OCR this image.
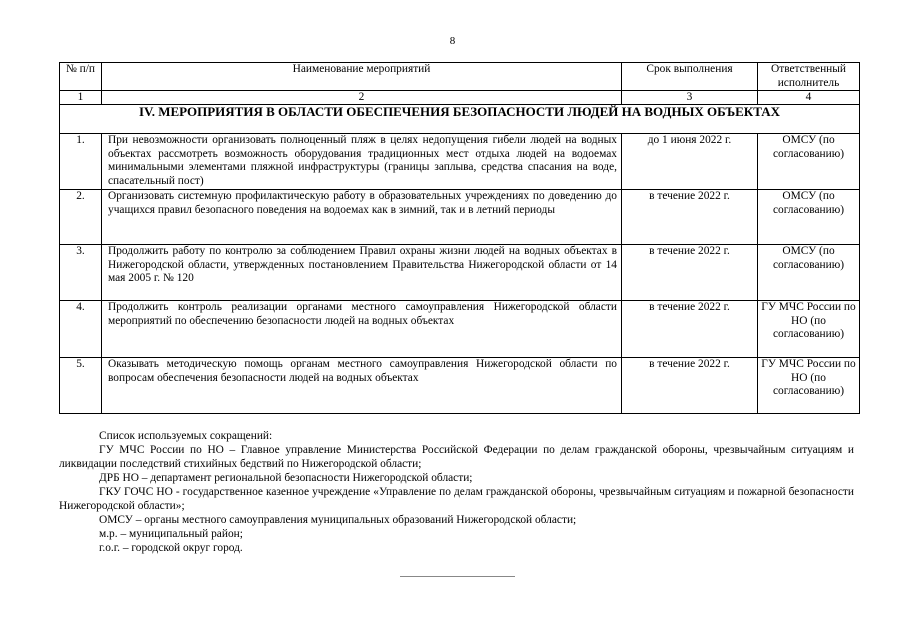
8
№ п/п	Наименование мероприятий	Срок выполнения	Ответственный исполнитель
1	2	3	4
IV. МЕРОПРИЯТИЯ В ОБЛАСТИ ОБЕСПЕЧЕНИЯ БЕЗОПАСНОСТИ ЛЮДЕЙ НА ВОДНЫХ ОБЪЕКТАХ			
1.	При невозможности организовать полноценный пляж в целях недопущения гибели людей на водных объектах рассмотреть возможность оборудования традиционных мест отдыха людей на водоемах минимальными элементами пляжной инфраструктуры (границы заплыва, средства спасания на воде, спасательный пост)	до 1 июня 2022 г.	ОМСУ (по согласованию)
2.	Организовать системную профилактическую работу в образовательных учреждениях по доведению до учащихся правил безопасного поведения на водоемах как в зимний, так и в летний периоды	в течение 2022 г.	ОМСУ (по согласованию)
3.	Продолжить работу по контролю за соблюдением Правил охраны жизни людей на водных объектах в Нижегородской области, утвержденных постановлением Правительства Нижегородской области от 14 мая 2005 г. № 120	в течение 2022 г.	ОМСУ (по согласованию)
4.	Продолжить контроль реализации органами местного самоуправления Нижегородской области мероприятий по обеспечению безопасности людей на водных объектах	в течение 2022 г.	ГУ МЧС России по НО (по согласованию)
5.	Оказывать методическую помощь органам местного самоуправления Нижегородской области по вопросам обеспечения безопасности людей на водных объектах	в течение 2022 г.	ГУ МЧС России по НО (по согласованию)

Список используемых сокращений:

ГУ МЧС России по НО – Главное управление Министерства Российской Федерации по делам гражданской обороны, чрезвычайным ситуациям и ликвидации последствий стихийных бедствий по Нижегородской области;

ДРБ НО – департамент региональной безопасности Нижегородской области;

ГКУ ГОЧС НО - государственное казенное учреждение «Управление по делам гражданской обороны, чрезвычайным ситуациям и пожарной безопасности Нижегородской области»;

ОМСУ – органы местного самоуправления муниципальных образований Нижегородской области;

м.р. – муниципальный район;

г.о.г. – городской округ город.
